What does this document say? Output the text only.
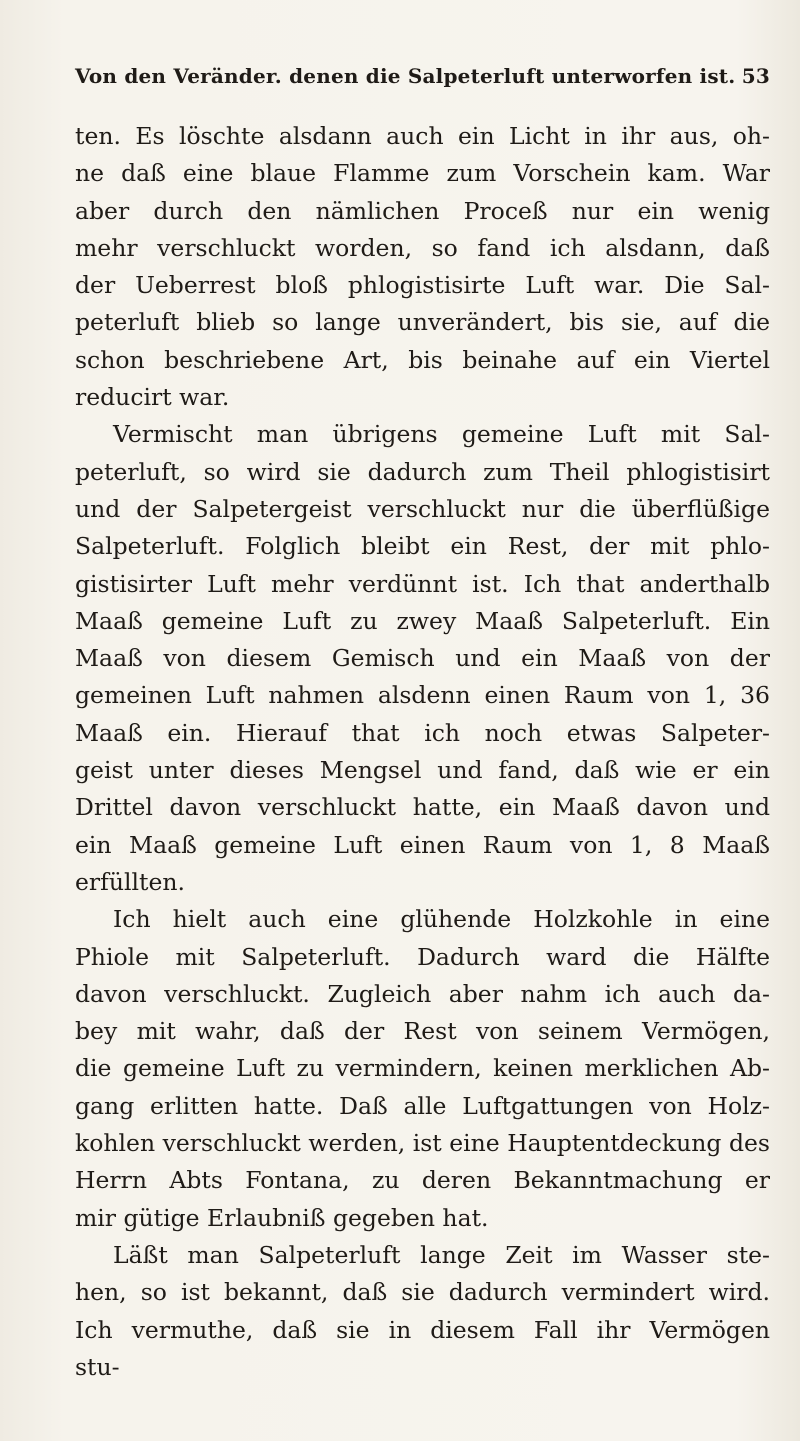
Von den Veränder. denen die Salpeterluft unterworfen ist. 53

ten. Es löschte alsdann auch ein Licht in ihr aus, oh-
ne daß eine blaue Flamme zum Vorschein kam. War
aber durch den nämlichen Proceß nur ein wenig
mehr verschluckt worden, so fand ich alsdann, daß
der Ueberrest bloß phlogistisirte Luft war. Die Sal-
peterluft blieb so lange unverändert, bis sie, auf die
schon beschriebene Art, bis beinahe auf ein Viertel
reducirt war.

Vermischt man übrigens gemeine Luft mit Sal-
peterluft, so wird sie dadurch zum Theil phlogistisirt
und der Salpetergeist verschluckt nur die überflüßige
Salpeterluft. Folglich bleibt ein Rest, der mit phlo-
gistisirter Luft mehr verdünnt ist. Ich that anderthalb
Maaß gemeine Luft zu zwey Maaß Salpeterluft. Ein
Maaß von diesem Gemisch und ein Maaß von der
gemeinen Luft nahmen alsdenn einen Raum von 1, 36
Maaß ein. Hierauf that ich noch etwas Salpeter-
geist unter dieses Mengsel und fand, daß wie er ein
Drittel davon verschluckt hatte, ein Maaß davon und
ein Maaß gemeine Luft einen Raum von 1, 8 Maaß
erfüllten.

Ich hielt auch eine glühende Holzkohle in eine
Phiole mit Salpeterluft. Dadurch ward die Hälfte
davon verschluckt. Zugleich aber nahm ich auch da-
bey mit wahr, daß der Rest von seinem Vermögen,
die gemeine Luft zu vermindern, keinen merklichen Ab-
gang erlitten hatte. Daß alle Luftgattungen von Holz-
kohlen verschluckt werden, ist eine Hauptentdeckung des
Herrn Abts Fontana, zu deren Bekanntmachung er
mir gütige Erlaubniß gegeben hat.

Läßt man Salpeterluft lange Zeit im Wasser ste-
hen, so ist bekannt, daß sie dadurch vermindert wird.
Ich vermuthe, daß sie in diesem Fall ihr Vermögen
stu-
